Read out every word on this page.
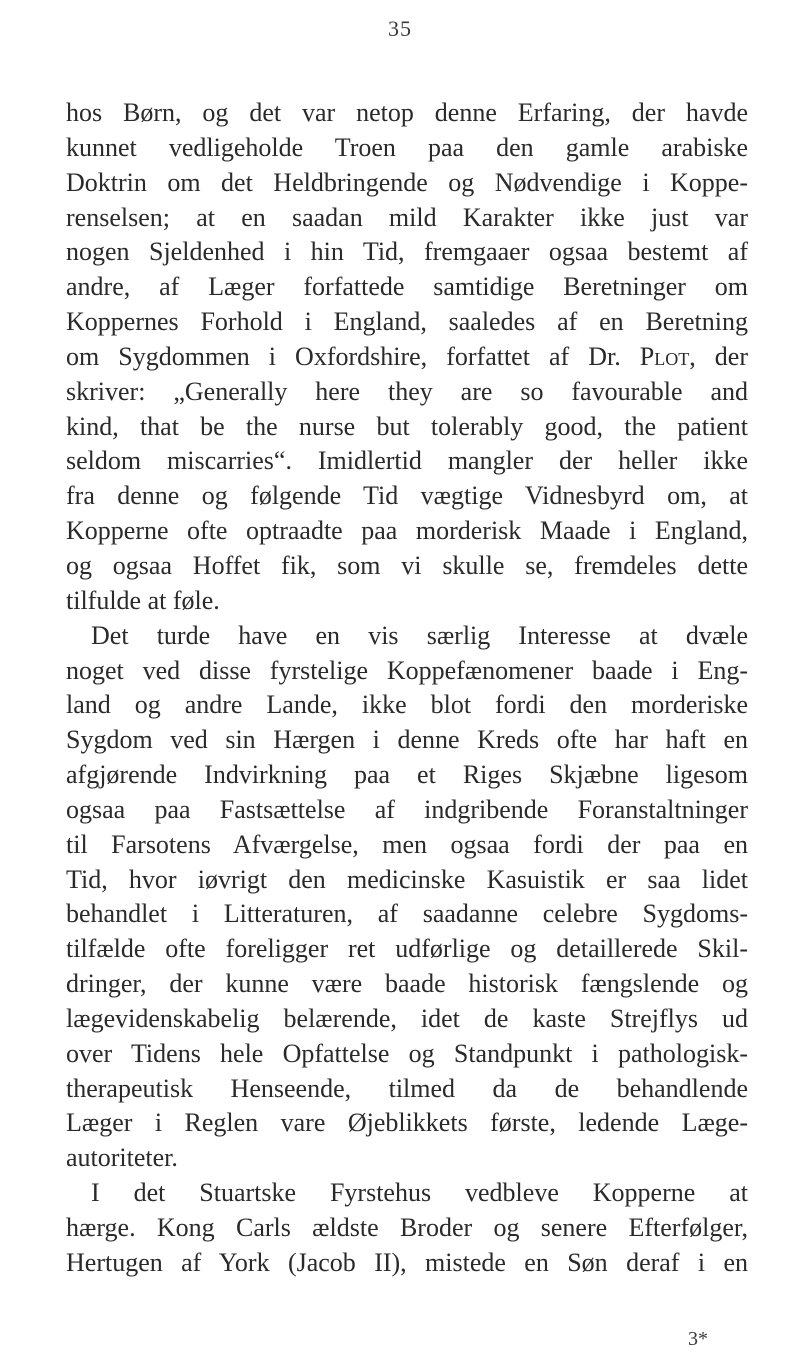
35
hos Børn, og det var netop denne Erfaring, der havde
kunnet vedligeholde Troen paa den gamle arabiske
Doktrin om det Heldbringende og Nødvendige i Koppe-
renselsen; at en saadan mild Karakter ikke just var
nogen Sjeldenhed i hin Tid, fremgaaer ogsaa bestemt af
andre, af Læger forfattede samtidige Beretninger om
Koppernes Forhold i England, saaledes af en Beretning
om Sygdommen i Oxfordshire, forfattet af Dr. Plot, der
skriver: „Generally here they are so favourable and
kind, that be the nurse but tolerably good, the patient
seldom miscarries“. Imidlertid mangler der heller ikke
fra denne og følgende Tid vægtige Vidnesbyrd om, at
Kopperne ofte optraadte paa morderisk Maade i England,
og ogsaa Hoffet fik, som vi skulle se, fremdeles dette
tilfulde at føle.
Det turde have en vis særlig Interesse at dvæle
noget ved disse fyrstelige Koppefænomener baade i Eng-
land og andre Lande, ikke blot fordi den morderiske
Sygdom ved sin Hærgen i denne Kreds ofte har haft en
afgjørende Indvirkning paa et Riges Skjæbne ligesom
ogsaa paa Fastsættelse af indgribende Foranstaltninger
til Farsotens Afværgelse, men ogsaa fordi der paa en
Tid, hvor iøvrigt den medicinske Kasuistik er saa lidet
behandlet i Litteraturen, af saadanne celebre Sygdoms-
tilfælde ofte foreligger ret udførlige og detaillerede Skil-
dringer, der kunne være baade historisk fængslende og
lægevidenskabelig belærende, idet de kaste Strejflys ud
over Tidens hele Opfattelse og Standpunkt i pathologisk-
therapeutisk Henseende, tilmed da de behandlende
Læger i Reglen vare Øjeblikkets første, ledende Læge-
autoriteter.
I det Stuartske Fyrstehus vedbleve Kopperne at
hærge. Kong Carls ældste Broder og senere Efterfølger,
Hertugen af York (Jacob II), mistede en Søn deraf i en
3*
